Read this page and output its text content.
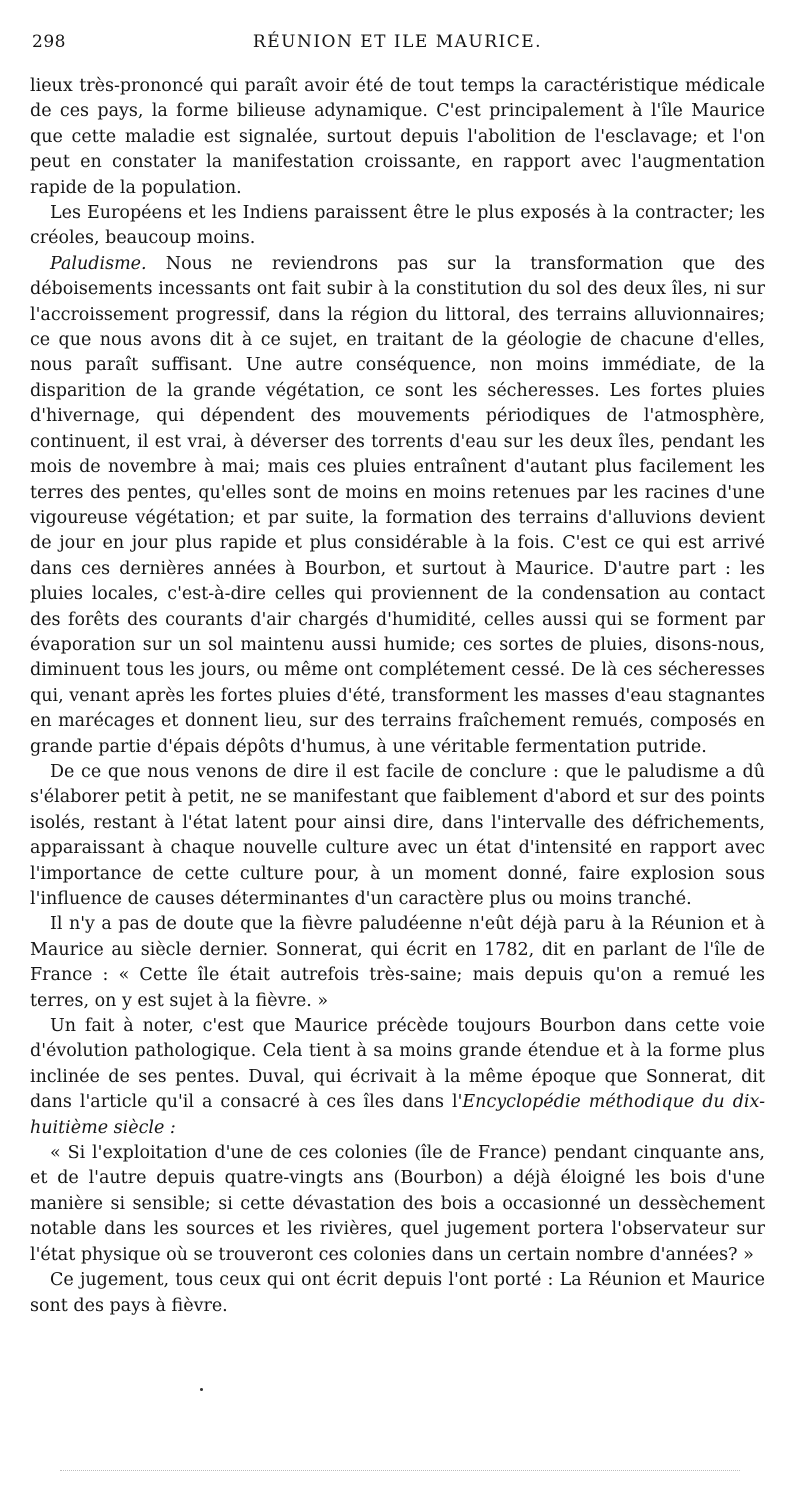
298	RÉUNION ET ILE MAURICE.

lieux très-prononcé qui paraît avoir été de tout temps la caractéristique médicale de ces pays, la forme bilieuse adynamique. C'est principalement à l'île Maurice que cette maladie est signalée, surtout depuis l'abolition de l'esclavage; et l'on peut en constater la manifestation croissante, en rapport avec l'augmentation rapide de la population.

Les Européens et les Indiens paraissent être le plus exposés à la contracter; les créoles, beaucoup moins.

Paludisme. Nous ne reviendrons pas sur la transformation que des déboisements incessants ont fait subir à la constitution du sol des deux îles, ni sur l'accroissement progressif, dans la région du littoral, des terrains alluvionnaires; ce que nous avons dit à ce sujet, en traitant de la géologie de chacune d'elles, nous paraît suffisant. Une autre conséquence, non moins immédiate, de la disparition de la grande végétation, ce sont les sécheresses. Les fortes pluies d'hivernage, qui dépendent des mouvements périodiques de l'atmosphère, continuent, il est vrai, à déverser des torrents d'eau sur les deux îles, pendant les mois de novembre à mai; mais ces pluies entraînent d'autant plus facilement les terres des pentes, qu'elles sont de moins en moins retenues par les racines d'une vigoureuse végétation; et par suite, la formation des terrains d'alluvions devient de jour en jour plus rapide et plus considérable à la fois. C'est ce qui est arrivé dans ces dernières années à Bourbon, et surtout à Maurice. D'autre part : les pluies locales, c'est-à-dire celles qui proviennent de la condensation au contact des forêts des courants d'air chargés d'humidité, celles aussi qui se forment par évaporation sur un sol maintenu aussi humide; ces sortes de pluies, disons-nous, diminuent tous les jours, ou même ont complétement cessé. De là ces sécheresses qui, venant après les fortes pluies d'été, transforment les masses d'eau stagnantes en marécages et donnent lieu, sur des terrains fraîchement remués, composés en grande partie d'épais dépôts d'humus, à une véritable fermentation putride.

De ce que nous venons de dire il est facile de conclure : que le paludisme a dû s'élaborer petit à petit, ne se manifestant que faiblement d'abord et sur des points isolés, restant à l'état latent pour ainsi dire, dans l'intervalle des défrichements, apparaissant à chaque nouvelle culture avec un état d'intensité en rapport avec l'importance de cette culture pour, à un moment donné, faire explosion sous l'influence de causes déterminantes d'un caractère plus ou moins tranché.

Il n'y a pas de doute que la fièvre paludéenne n'eût déjà paru à la Réunion et à Maurice au siècle dernier. Sonnerat, qui écrit en 1782, dit en parlant de l'île de France : « Cette île était autrefois très-saine; mais depuis qu'on a remué les terres, on y est sujet à la fièvre. »

Un fait à noter, c'est que Maurice précède toujours Bourbon dans cette voie d'évolution pathologique. Cela tient à sa moins grande étendue et à la forme plus inclinée de ses pentes. Duval, qui écrivait à la même époque que Sonnerat, dit dans l'article qu'il a consacré à ces îles dans l'Encyclopédie méthodique du dix-huitième siècle :

« Si l'exploitation d'une de ces colonies (île de France) pendant cinquante ans, et de l'autre depuis quatre-vingts ans (Bourbon) a déjà éloigné les bois d'une manière si sensible; si cette dévastation des bois a occasionné un dessèchement notable dans les sources et les rivières, quel jugement portera l'observateur sur l'état physique où se trouveront ces colonies dans un certain nombre d'années? »

Ce jugement, tous ceux qui ont écrit depuis l'ont porté : La Réunion et Maurice sont des pays à fièvre.
